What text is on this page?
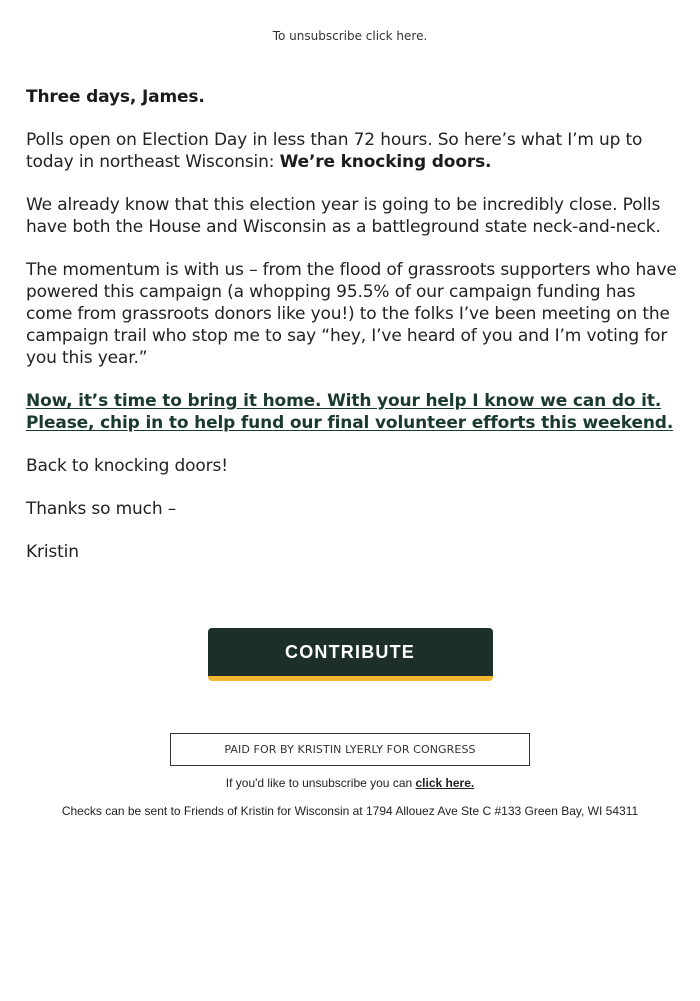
To unsubscribe click here.

Three days, James.

Polls open on Election Day in less than 72 hours. So here’s what I’m up to today in northeast Wisconsin: We’re knocking doors.

We already know that this election year is going to be incredibly close. Polls have both the House and Wisconsin as a battleground state neck-and-neck.

The momentum is with us – from the flood of grassroots supporters who have powered this campaign (a whopping 95.5% of our campaign funding has come from grassroots donors like you!) to the folks I’ve been meeting on the campaign trail who stop me to say “hey, I’ve heard of you and I’m voting for you this year.”

Now, it’s time to bring it home. With your help I know we can do it. Please, chip in to help fund our final volunteer efforts this weekend.

Back to knocking doors!

Thanks so much –

Kristin

CONTRIBUTE
PAID FOR BY KRISTIN LYERLY FOR CONGRESS
If you'd like to unsubscribe you can click here.
Checks can be sent to Friends of Kristin for Wisconsin at 1794 Allouez Ave Ste C #133 Green Bay, WI 54311
